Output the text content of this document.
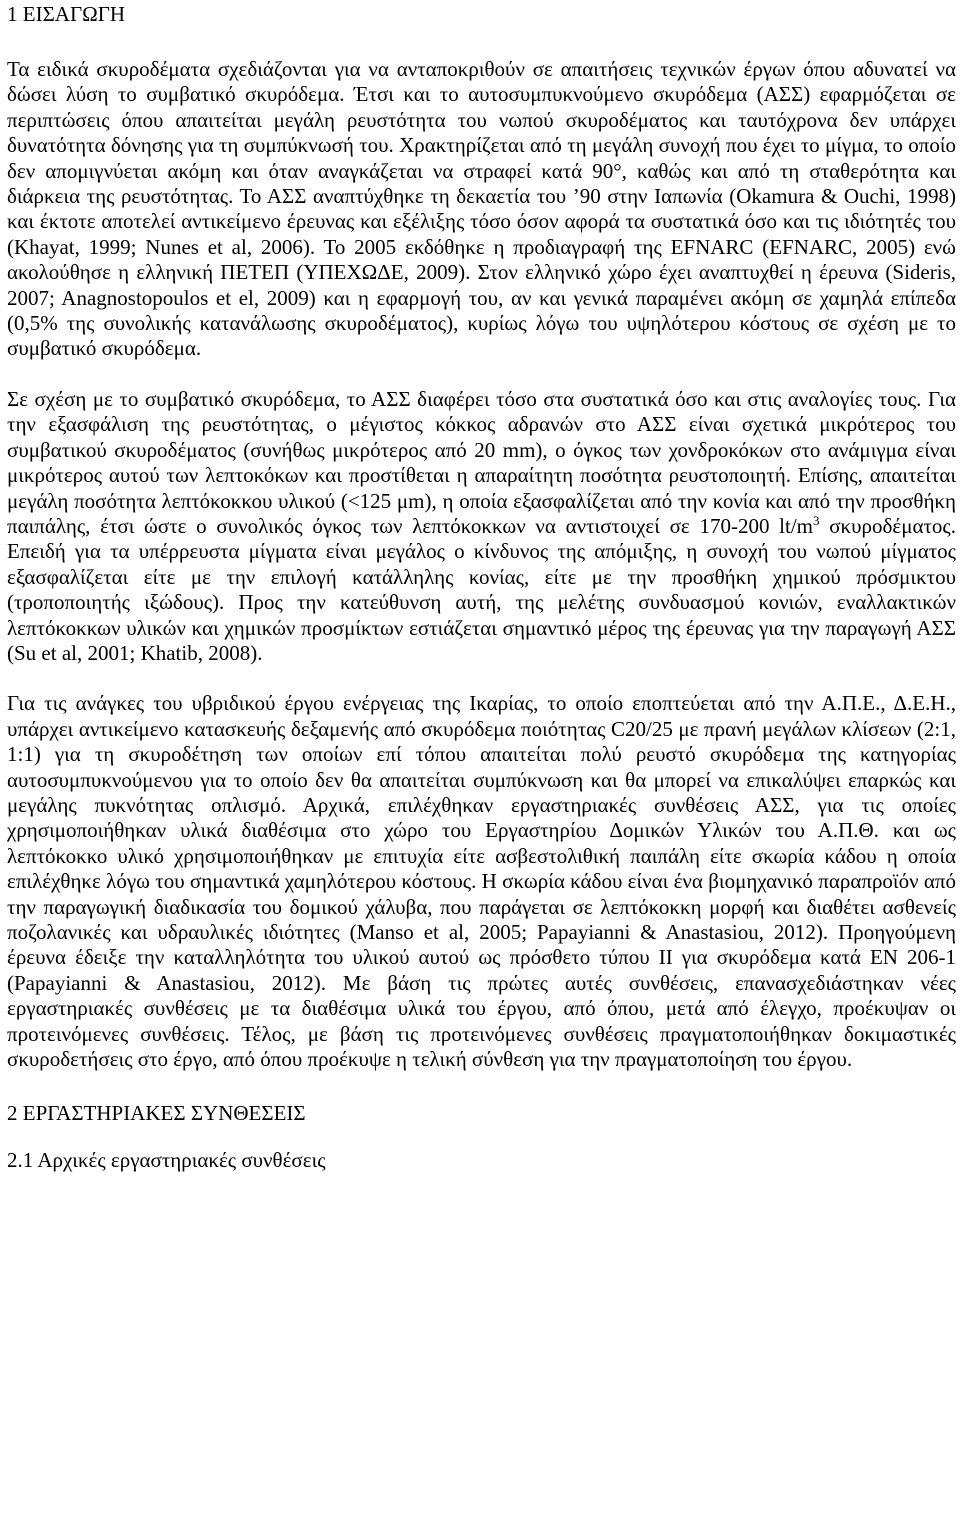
1 ΕΙΣΑΓΩΓΗ

Τα ειδικά σκυροδέματα σχεδιάζονται για να ανταποκριθούν σε απαιτήσεις τεχνικών έργων όπου αδυνατεί να δώσει λύση το συμβατικό σκυρόδεμα. Έτσι και το αυτοσυμπυκνούμενο σκυρόδεμα (ΑΣΣ) εφαρμόζεται σε περιπτώσεις όπου απαιτείται μεγάλη ρευστότητα του νωπού σκυροδέματος και ταυτόχρονα δεν υπάρχει δυνατότητα δόνησης για τη συμπύκνωσή του. Χρακτηρίζεται από τη μεγάλη συνοχή που έχει το μίγμα, το οποίο δεν απομιγνύεται ακόμη και όταν αναγκάζεται να στραφεί κατά 90°, καθώς και από τη σταθερότητα και διάρκεια της ρευστότητας. Το ΑΣΣ αναπτύχθηκε τη δεκαετία του ’90 στην Ιαπωνία (Okamura & Ouchi, 1998) και έκτοτε αποτελεί αντικείμενο έρευνας και εξέλιξης τόσο όσον αφορά τα συστατικά όσο και τις ιδιότητές του (Khayat, 1999; Nunes et al, 2006). Το 2005 εκδόθηκε η προδιαγραφή της EFNARC (EFNARC, 2005) ενώ ακολούθησε η ελληνική ΠΕΤΕΠ (ΥΠΕΧΩΔΕ, 2009). Στον ελληνικό χώρο έχει αναπτυχθεί η έρευνα (Sideris, 2007; Anagnostopoulos et el, 2009) και η εφαρμογή του, αν και γενικά παραμένει ακόμη σε χαμηλά επίπεδα (0,5% της συνολικής κατανάλωσης σκυροδέματος), κυρίως λόγω του υψηλότερου κόστους σε σχέση με το συμβατικό σκυρόδεμα.

Σε σχέση με το συμβατικό σκυρόδεμα, το ΑΣΣ διαφέρει τόσο στα συστατικά όσο και στις αναλογίες τους. Για την εξασφάλιση της ρευστότητας, ο μέγιστος κόκκος αδρανών στο ΑΣΣ είναι σχετικά μικρότερος του συμβατικού σκυροδέματος (συνήθως μικρότερος από 20 mm), ο όγκος των χονδροκόκων στο ανάμιγμα είναι μικρότερος αυτού των λεπτοκόκων και προστίθεται η απαραίτητη ποσότητα ρευστοποιητή. Επίσης, απαιτείται μεγάλη ποσότητα λεπτόκοκκου υλικού (<125 μm), η οποία εξασφαλίζεται από την κονία και από την προσθήκη παιπάλης, έτσι ώστε ο συνολικός όγκος των λεπτόκοκκων να αντιστοιχεί σε 170-200 $lt/m^3$ σκυροδέματος. Επειδή για τα υπέρρευστα μίγματα είναι μεγάλος ο κίνδυνος της απόμιξης, η συνοχή του νωπού μίγματος εξασφαλίζεται είτε με την επιλογή κατάλληλης κονίας, είτε με την προσθήκη χημικού πρόσμικτου (τροποποιητής ιξώδους). Προς την κατεύθυνση αυτή, της μελέτης συνδυασμού κονιών, εναλλακτικών λεπτόκοκκων υλικών και χημικών προσμίκτων εστιάζεται σημαντικό μέρος της έρευνας για την παραγωγή ΑΣΣ (Su et al, 2001; Khatib, 2008).

Για τις ανάγκες του υβριδικού έργου ενέργειας της Ικαρίας, το οποίο εποπτεύεται από την Α.Π.Ε., Δ.Ε.Η., υπάρχει αντικείμενο κατασκευής δεξαμενής από σκυρόδεμα ποιότητας C20/25 με πρανή μεγάλων κλίσεων (2:1, 1:1) για τη σκυροδέτηση των οποίων επί τόπου απαιτείται πολύ ρευστό σκυρόδεμα της κατηγορίας αυτοσυμπυκνούμενου για το οποίο δεν θα απαιτείται συμπύκνωση και θα μπορεί να επικαλύψει επαρκώς και μεγάλης πυκνότητας οπλισμό. Αρχικά, επιλέχθηκαν εργαστηριακές συνθέσεις ΑΣΣ, για τις οποίες χρησιμοποιήθηκαν υλικά διαθέσιμα στο χώρο του Εργαστηρίου Δομικών Υλικών του Α.Π.Θ. και ως λεπτόκοκκο υλικό χρησιμοποιήθηκαν με επιτυχία είτε ασβεστολιθική παιπάλη είτε σκωρία κάδου η οποία επιλέχθηκε λόγω του σημαντικά χαμηλότερου κόστους. Η σκωρία κάδου είναι ένα βιομηχανικό παραπροϊόν από την παραγωγική διαδικασία του δομικού χάλυβα, που παράγεται σε λεπτόκοκκη μορφή και διαθέτει ασθενείς ποζολανικές και υδραυλικές ιδιότητες (Manso et al, 2005; Papayianni & Anastasiou, 2012). Προηγούμενη έρευνα έδειξε την καταλληλότητα του υλικού αυτού ως πρόσθετο τύπου ΙΙ για σκυρόδεμα κατά EN 206-1 (Papayianni & Anastasiou, 2012). Με βάση τις πρώτες αυτές συνθέσεις, επανασχεδιάστηκαν νέες εργαστηριακές συνθέσεις με τα διαθέσιμα υλικά του έργου, από όπου, μετά από έλεγχο, προέκυψαν οι προτεινόμενες συνθέσεις. Τέλος, με βάση τις προτεινόμενες συνθέσεις πραγματοποιήθηκαν δοκιμαστικές σκυροδετήσεις στο έργο, από όπου προέκυψε η τελική σύνθεση για την πραγματοποίηση του έργου.

2 ΕΡΓΑΣΤΗΡΙΑΚΕΣ ΣΥΝΘΕΣΕΙΣ
2.1 Αρχικές εργαστηριακές συνθέσεις
